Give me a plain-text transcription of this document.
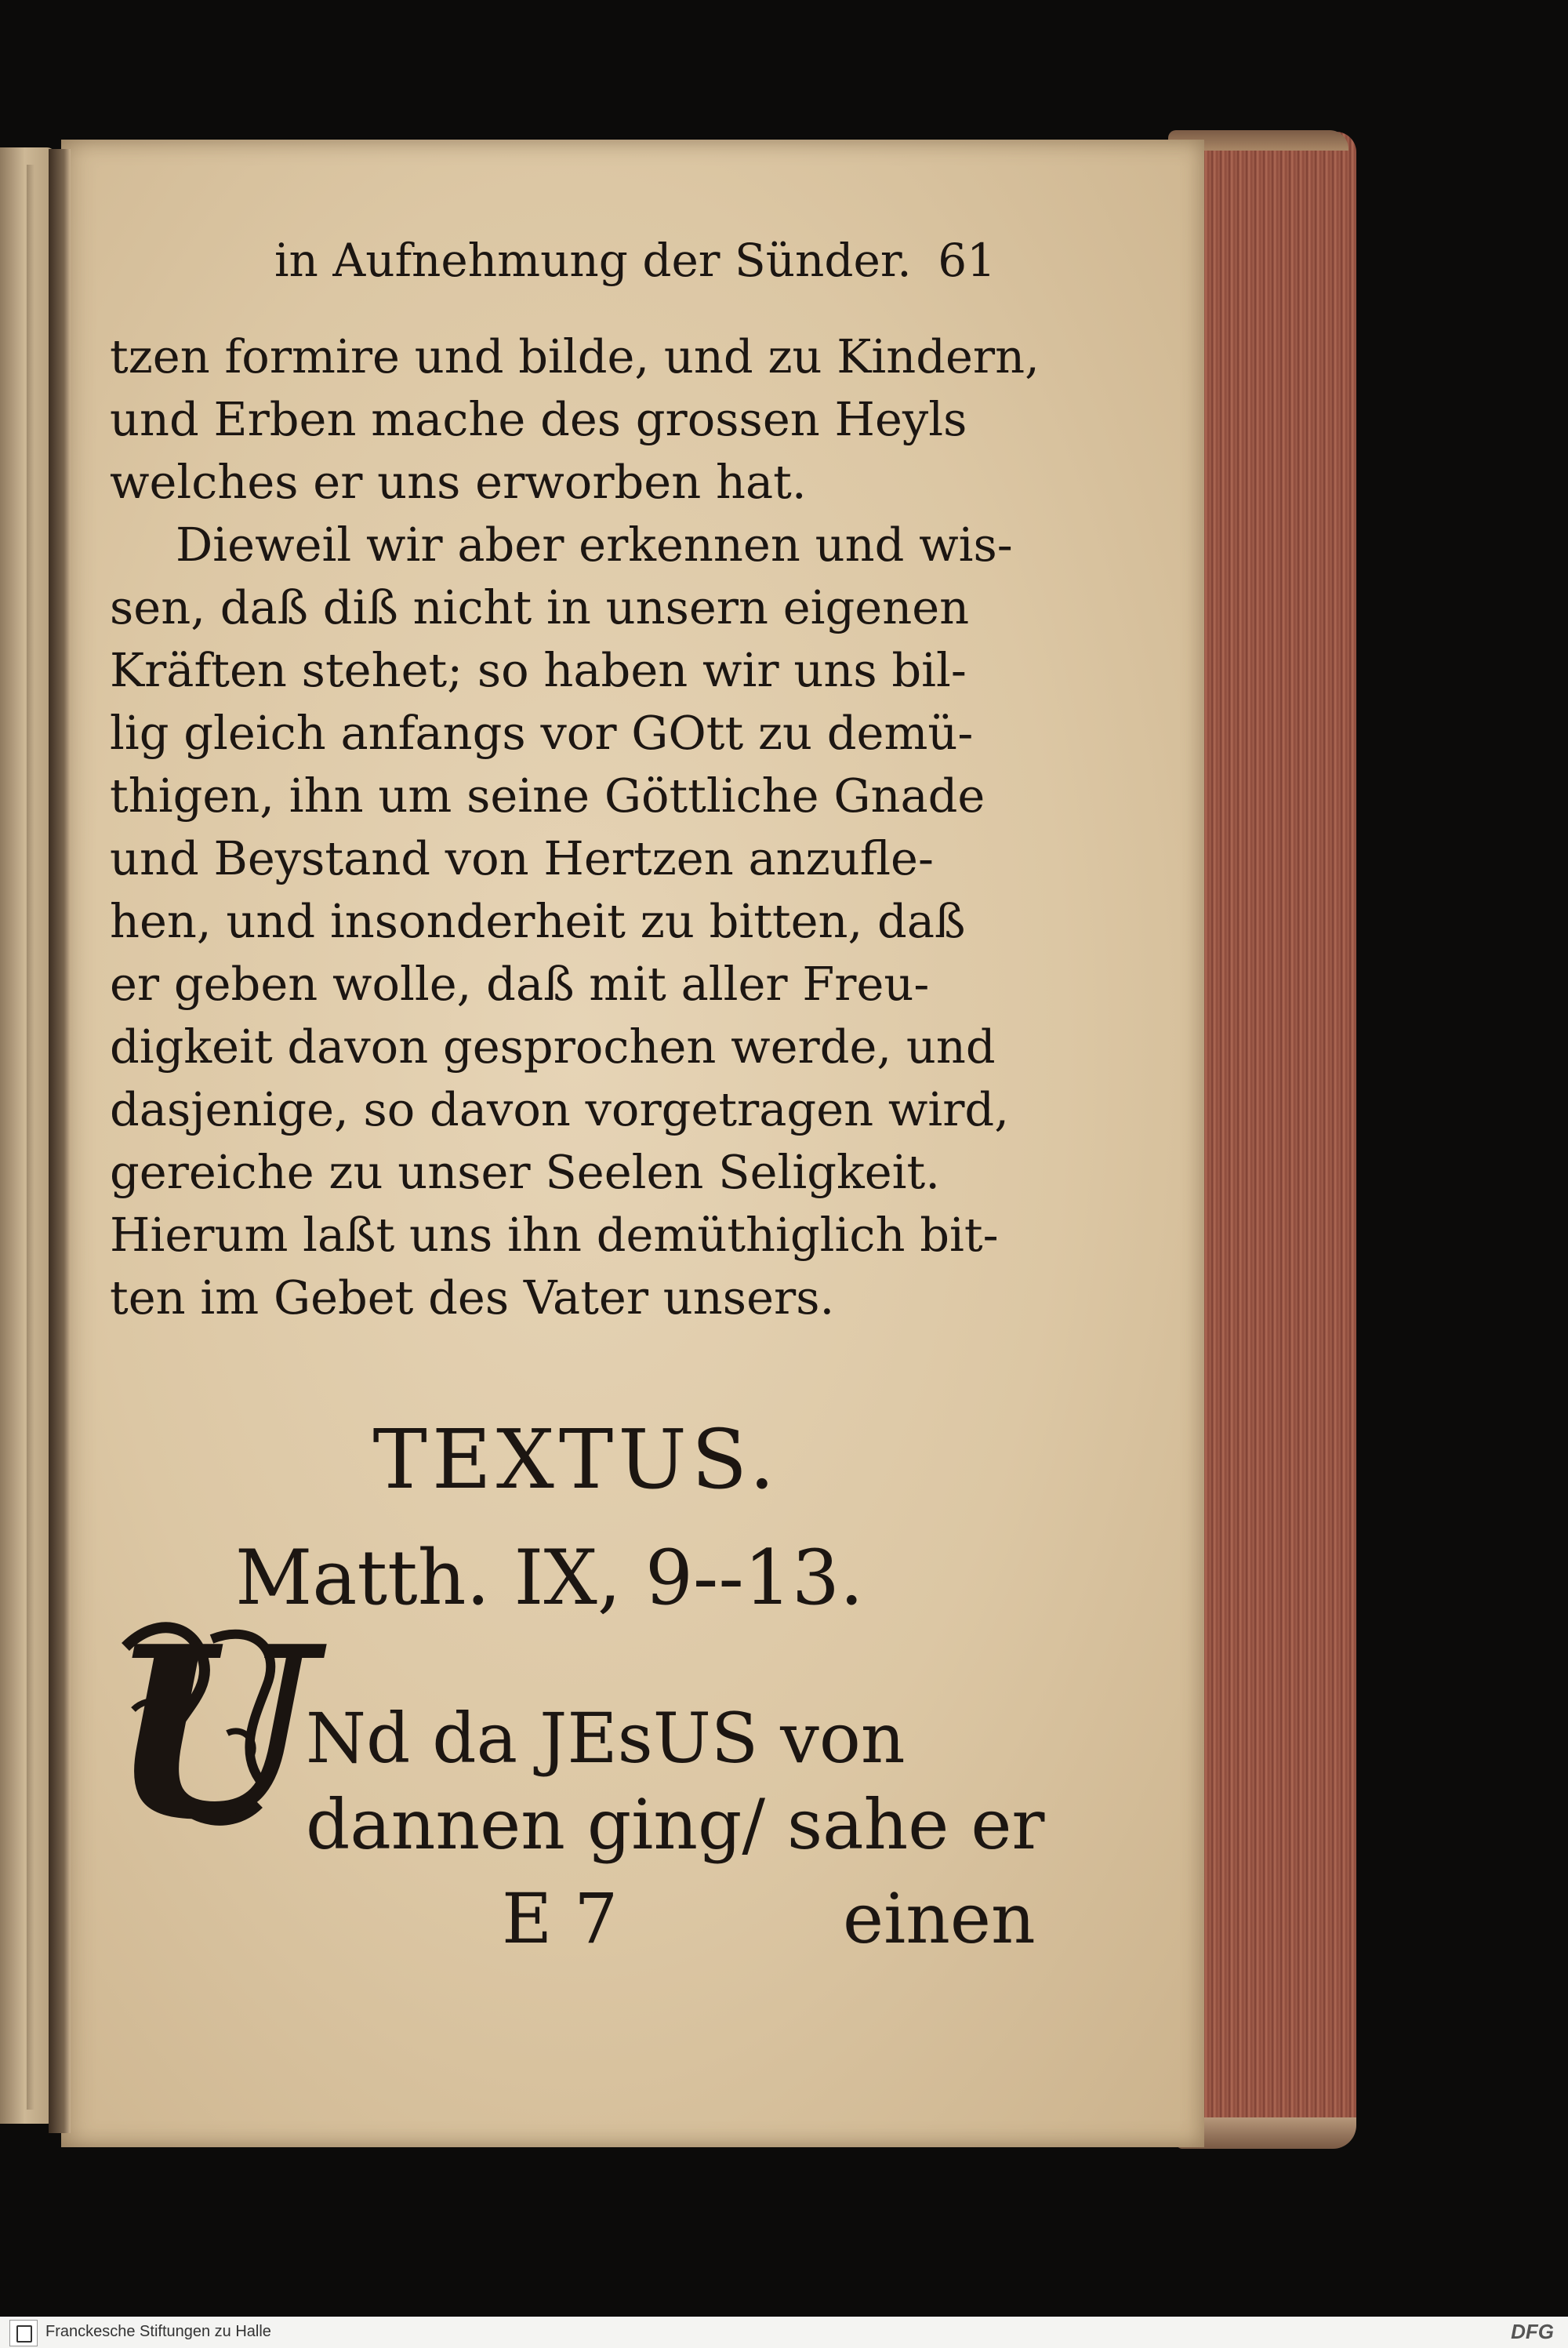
in Aufnehmung der Sünder. 61
tzen formire und bilde, und zu Kindern,
und Erben mache des grossen Heyls
welches er uns erworben hat.
Dieweil wir aber erkennen und wis-
sen, daß diß nicht in unsern eigenen
Kräften stehet; so haben wir uns bil-
lig gleich anfangs vor GOtt zu demü-
thigen, ihn um seine Göttliche Gnade
und Beystand von Hertzen anzufle-
hen, und insonderheit zu bitten, daß
er geben wolle, daß mit aller Freu-
digkeit davon gesprochen werde, und
dasjenige, so davon vorgetragen wird,
gereiche zu unser Seelen Seligkeit.
Hierum laßt uns ihn demüthiglich bit-
ten im Gebet des Vater unsers.
TEXTUS.
Matth. IX, 9--13.
U
Nd da JEsUS von
dannen ging/ sahe er
E 7	einen
Franckesche Stiftungen zu Halle	DFG
